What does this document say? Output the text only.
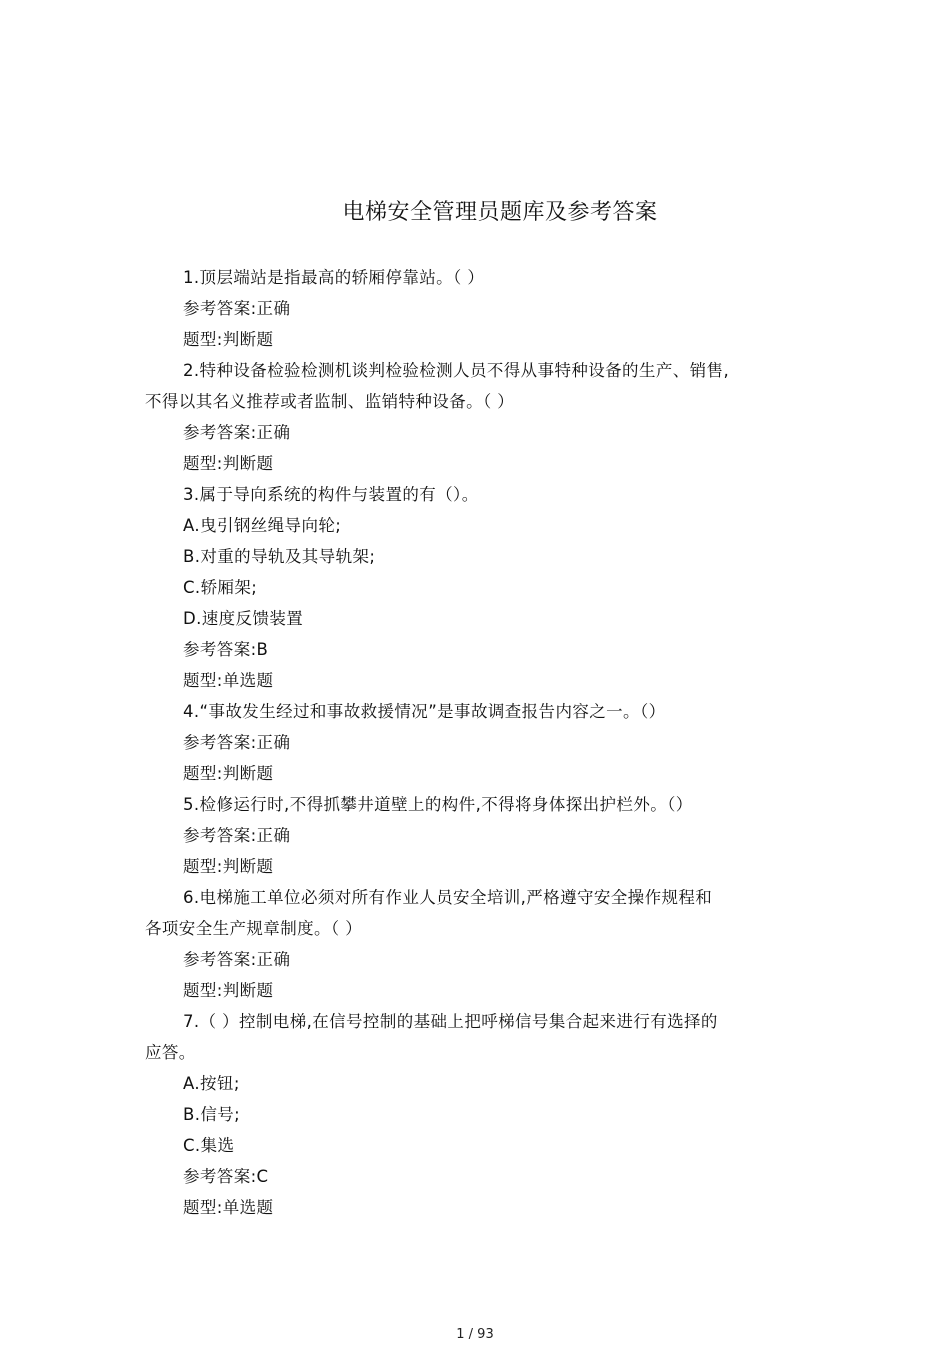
电梯安全管理员题库及参考答案
1.顶层端站是指最高的轿厢停靠站。（ ）
参考答案:正确
题型:判断题
2.特种设备检验检测机谈判检验检测人员不得从事特种设备的生产、销售,
不得以其名义推荐或者监制、监销特种设备。（ ）
参考答案:正确
题型:判断题
3.属于导向系统的构件与装置的有（）。
A.曳引钢丝绳导向轮;
B.对重的导轨及其导轨架;
C.轿厢架;
D.速度反馈装置
参考答案:B
题型:单选题
4.“事故发生经过和事故救援情况”是事故调查报告内容之一。（）
参考答案:正确
题型:判断题
5.检修运行时,不得抓攀井道壁上的构件,不得将身体探出护栏外。（）
参考答案:正确
题型:判断题
6.电梯施工单位必须对所有作业人员安全培训,严格遵守安全操作规程和
各项安全生产规章制度。（ ）
参考答案:正确
题型:判断题
7.（ ）控制电梯,在信号控制的基础上把呼梯信号集合起来进行有选择的
应答。
A.按钮;
B.信号;
C.集选
参考答案:C
题型:单选题
1 / 93
